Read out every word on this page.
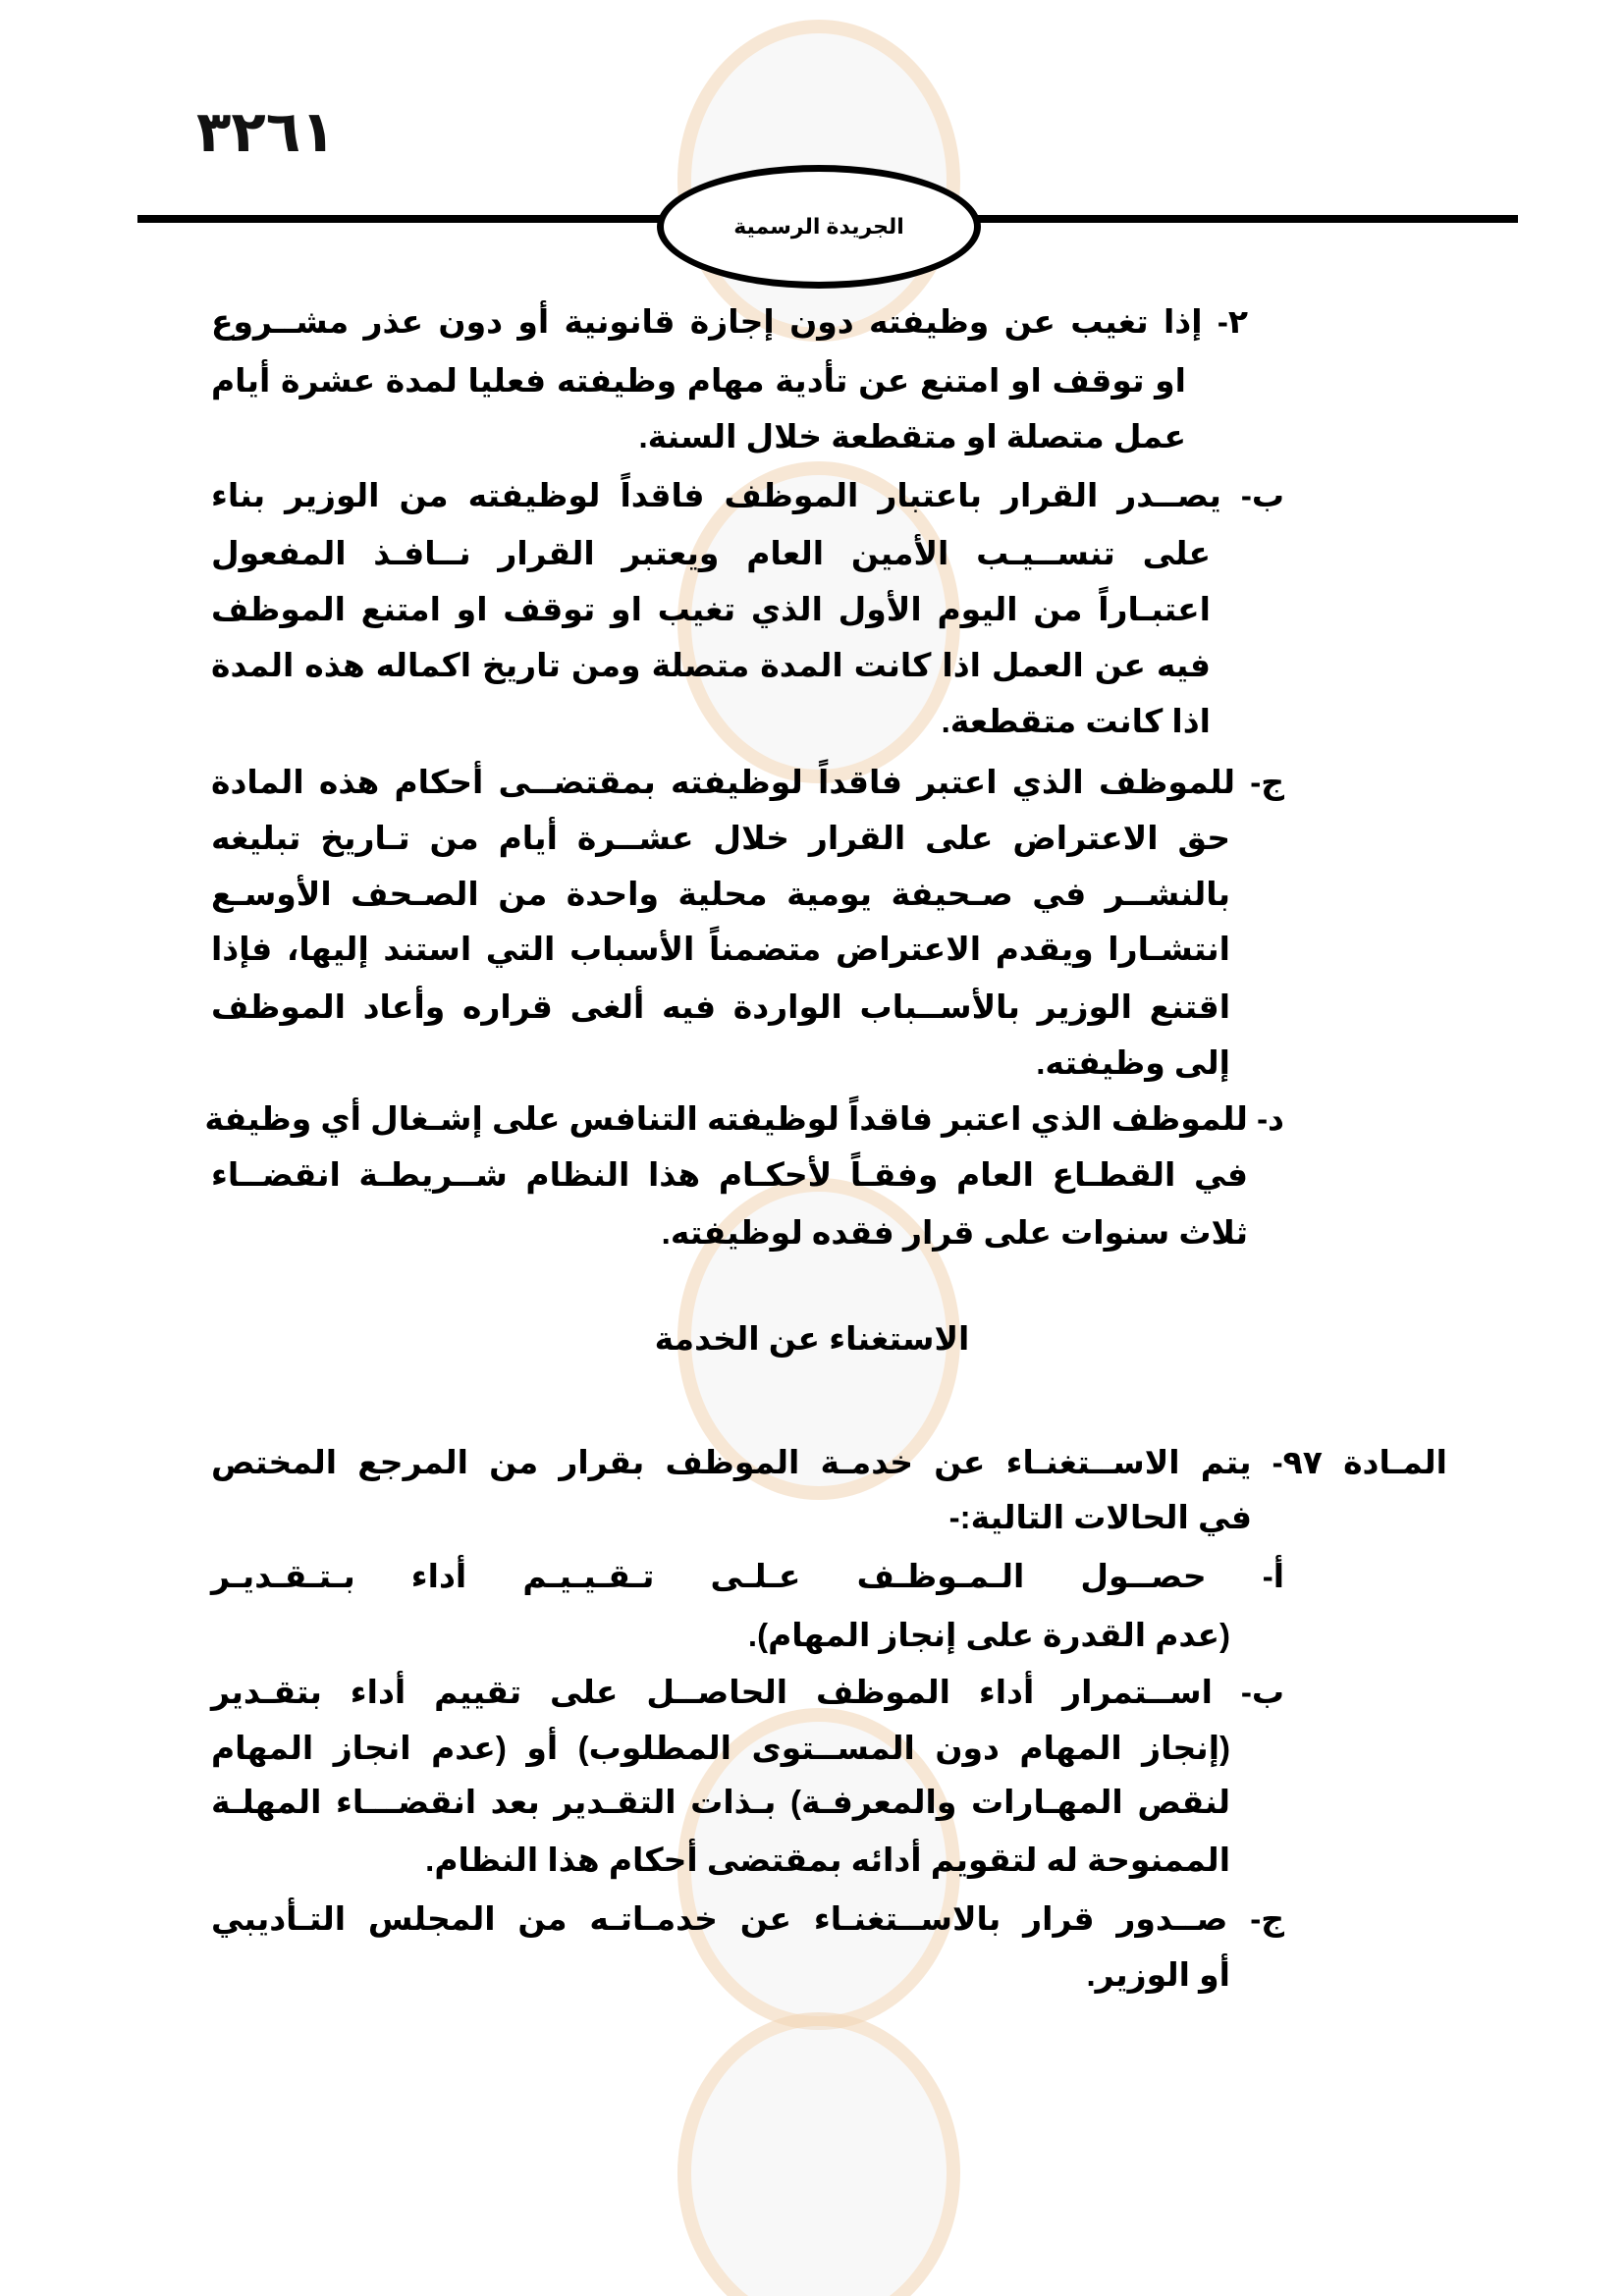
٣٢٦١
الجريدة الرسمية
٢- إذا تغيب عن وظيفته دون إجازة قانونية أو دون عذر مشــروع
او توقف او امتنع عن تأدية مهام وظيفته فعليا لمدة عشرة أيام
عمل متصلة او متقطعة خلال السنة.
ب- يصــدر القرار باعتبار الموظف فاقداً لوظيفته من الوزير بناء
على تنســيـب الأمين العام ويعتبر القرار نــافـذ المفعول
اعتبـاراً من اليوم الأول الذي تغيب او توقف او امتنع الموظف
فيه عن العمل اذا كانت المدة متصلة ومن تاريخ اكماله هذه المدة
اذا كانت متقطعة.
ج- للموظف الذي اعتبر فاقداً لوظيفته بمقتضــى أحكام هذه المادة
حق الاعتراض على القرار خلال عشــرة أيام من تـاريخ تبليغه
بالنشــر في صـحيفة يومية محلية واحدة من الصـحف الأوسـع
انتشـارا ويقدم الاعتراض متضمناً الأسباب التي استند إليها، فإذا
اقتنع الوزير بالأســباب الواردة فيه ألغى قراره وأعاد الموظف
إلى وظيفته.
د- للموظف الذي اعتبر فاقداً لوظيفته التنافس على إشـغال أي وظيفة
في القطـاع العام وفقـاً لأحكـام هذا النظام شــريطـة انقضــاء
ثلاث سنوات على قرار فقده لوظيفته.
الاستغناء عن الخدمة
المـادة ٩٧- يتم الاســتغنـاء عن خدمـة الموظف بقرار من المرجع المختص
في الحالات التالية:-
أ- حصــول الـمـوظـف عـلـى تـقـيـيـم أداء بـتـقـديـر
(عدم القدرة على إنجاز المهام).
ب- اســتمرار أداء الموظف الحاصــل على تقييم أداء بتقـدير
(إنجاز المهام دون المســتوى المطلوب) أو (عدم انجاز المهام
لنقص المهـارات والمعرفـة) بـذات التقـدير بعد انقضـــاء المهلـة
الممنوحة له لتقويم أدائه بمقتضى أحكام هذا النظام.
ج- صــدور قرار بالاســتغنـاء عن خدمـاتـه من المجلس التـأديبي
أو الوزير.
